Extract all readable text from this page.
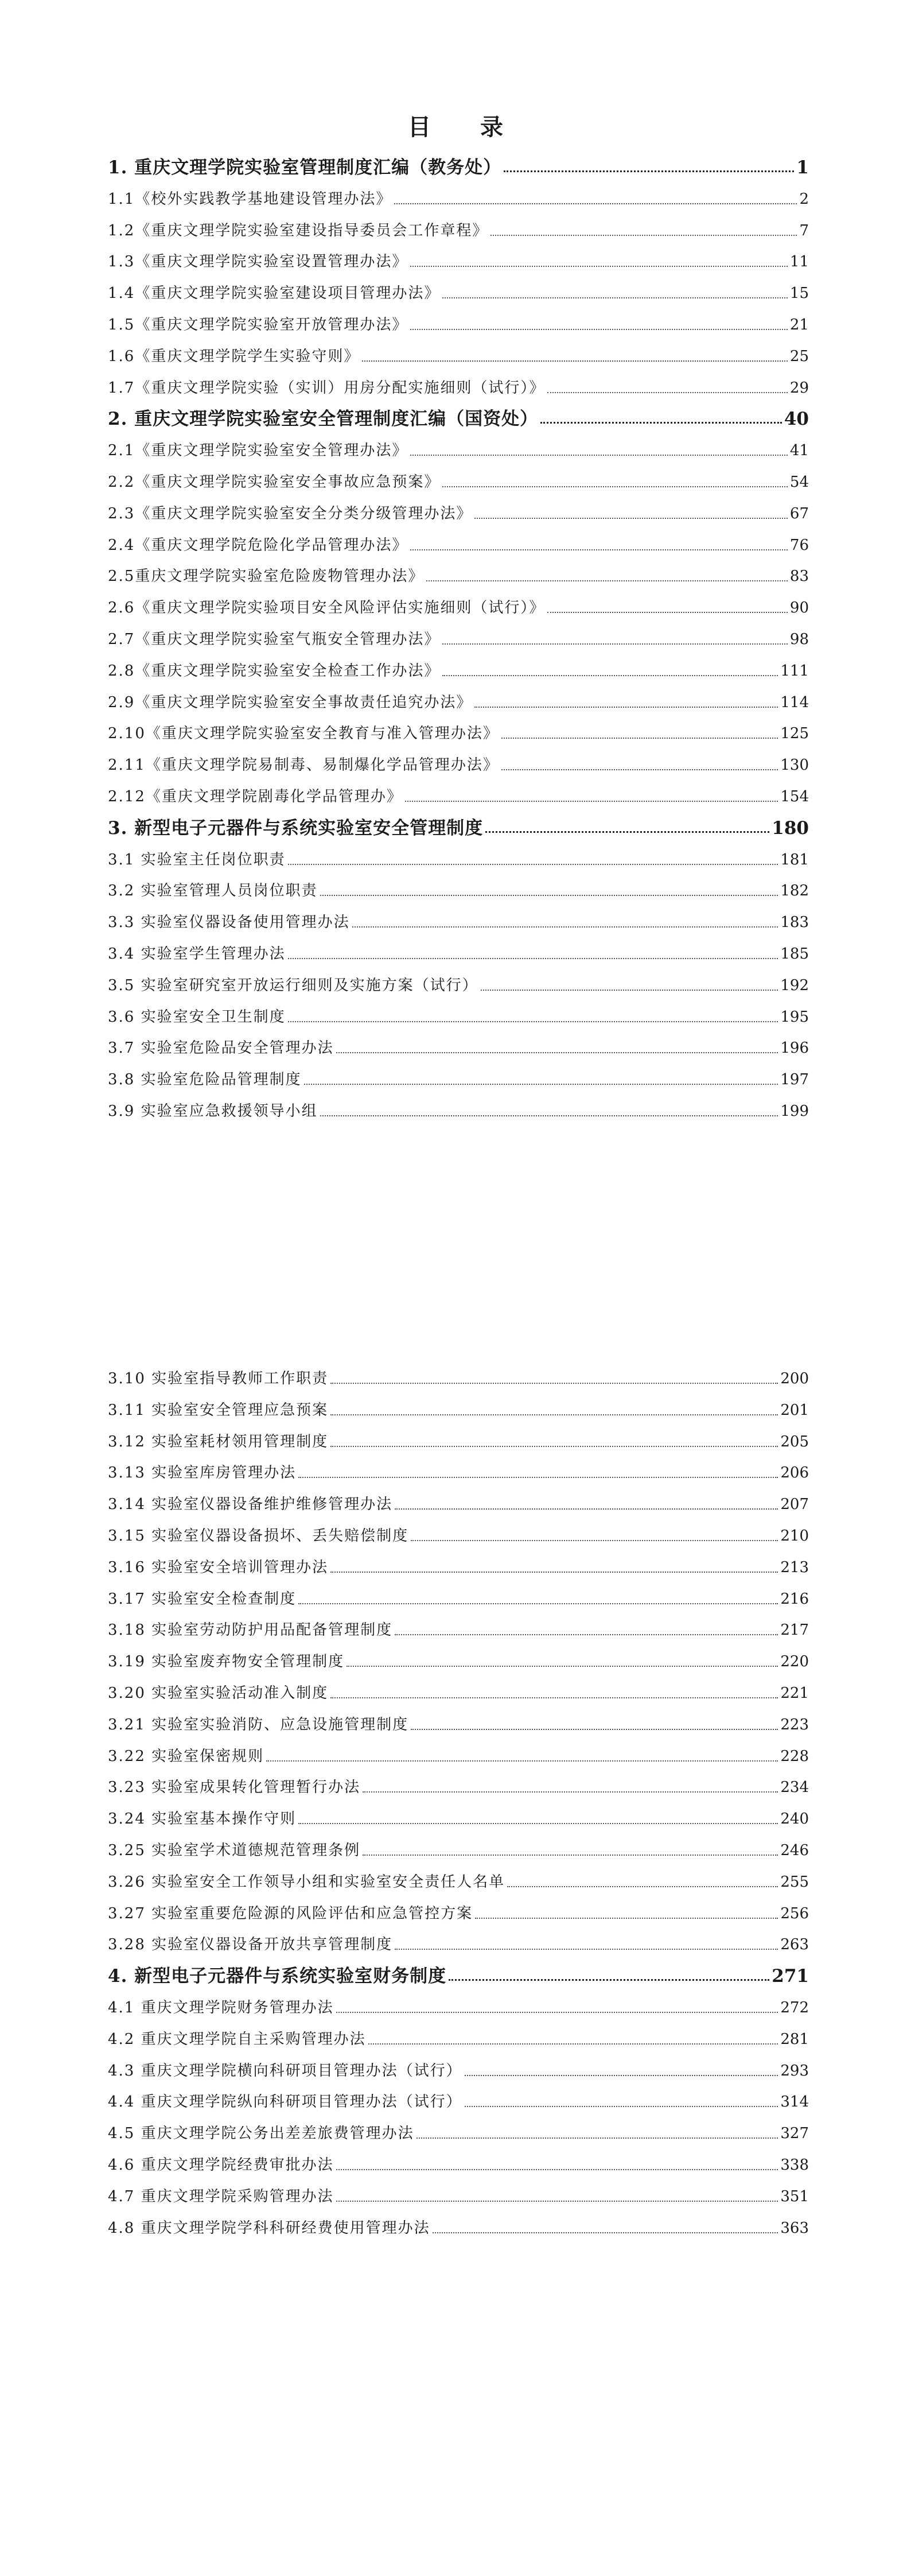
目 录
1. 重庆文理学院实验室管理制度汇编（教务处）	1
1.1《校外实践教学基地建设管理办法》	2
1.2《重庆文理学院实验室建设指导委员会工作章程》	7
1.3《重庆文理学院实验室设置管理办法》	11
1.4《重庆文理学院实验室建设项目管理办法》	15
1.5《重庆文理学院实验室开放管理办法》	21
1.6《重庆文理学院学生实验守则》	25
1.7《重庆文理学院实验（实训）用房分配实施细则（试行）》	29
2. 重庆文理学院实验室安全管理制度汇编（国资处）	40
2.1《重庆文理学院实验室安全管理办法》	41
2.2《重庆文理学院实验室安全事故应急预案》	54
2.3《重庆文理学院实验室安全分类分级管理办法》	67
2.4《重庆文理学院危险化学品管理办法》	76
2.5重庆文理学院实验室危险废物管理办法》	83
2.6《重庆文理学院实验项目安全风险评估实施细则（试行）》	90
2.7《重庆文理学院实验室气瓶安全管理办法》	98
2.8《重庆文理学院实验室安全检查工作办法》	111
2.9《重庆文理学院实验室安全事故责任追究办法》	114
2.10《重庆文理学院实验室安全教育与准入管理办法》	125
2.11《重庆文理学院易制毒、易制爆化学品管理办法》	130
2.12《重庆文理学院剧毒化学品管理办》	154
3. 新型电子元器件与系统实验室安全管理制度	180
3.1 实验室主任岗位职责	181
3.2 实验室管理人员岗位职责	182
3.3 实验室仪器设备使用管理办法	183
3.4 实验室学生管理办法	185
3.5 实验室研究室开放运行细则及实施方案（试行）	192
3.6 实验室安全卫生制度	195
3.7 实验室危险品安全管理办法	196
3.8 实验室危险品管理制度	197
3.9 实验室应急救援领导小组	199
3.10 实验室指导教师工作职责	200
3.11 实验室安全管理应急预案	201
3.12 实验室耗材领用管理制度	205
3.13 实验室库房管理办法	206
3.14 实验室仪器设备维护维修管理办法	207
3.15 实验室仪器设备损坏、丢失赔偿制度	210
3.16 实验室安全培训管理办法	213
3.17 实验室安全检查制度	216
3.18 实验室劳动防护用品配备管理制度	217
3.19 实验室废弃物安全管理制度	220
3.20 实验室实验活动准入制度	221
3.21 实验室实验消防、应急设施管理制度	223
3.22 实验室保密规则	228
3.23 实验室成果转化管理暂行办法	234
3.24 实验室基本操作守则	240
3.25 实验室学术道德规范管理条例	246
3.26 实验室安全工作领导小组和实验室安全责任人名单	255
3.27 实验室重要危险源的风险评估和应急管控方案	256
3.28 实验室仪器设备开放共享管理制度	263
4. 新型电子元器件与系统实验室财务制度	271
4.1 重庆文理学院财务管理办法	272
4.2 重庆文理学院自主采购管理办法	281
4.3 重庆文理学院横向科研项目管理办法（试行）	293
4.4 重庆文理学院纵向科研项目管理办法（试行）	314
4.5 重庆文理学院公务出差差旅费管理办法	327
4.6 重庆文理学院经费审批办法	338
4.7 重庆文理学院采购管理办法	351
4.8 重庆文理学院学科科研经费使用管理办法	363
